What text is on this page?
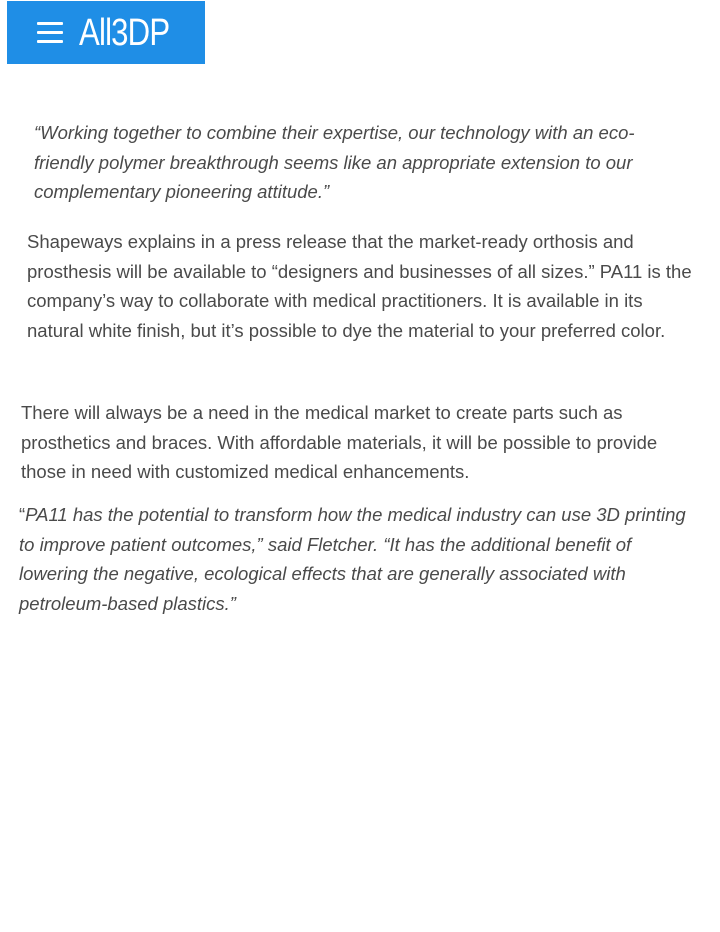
All3DP

“Working together to combine their expertise, our technology with an eco-friendly polymer breakthrough seems like an appropriate extension to our complementary pioneering attitude.”

Shapeways explains in a press release that the market-ready orthosis and prosthesis will be available to “designers and businesses of all sizes.” PA11 is the company’s way to collaborate with medical practitioners. It is available in its natural white finish, but it’s possible to dye the material to your preferred color.

There will always be a need in the medical market to create parts such as prosthetics and braces. With affordable materials, it will be possible to provide those in need with customized medical enhancements.

“PA11 has the potential to transform how the medical industry can use 3D printing to improve patient outcomes,” said Fletcher. “It has the additional benefit of lowering the negative, ecological effects that are generally associated with petroleum-based plastics.”
